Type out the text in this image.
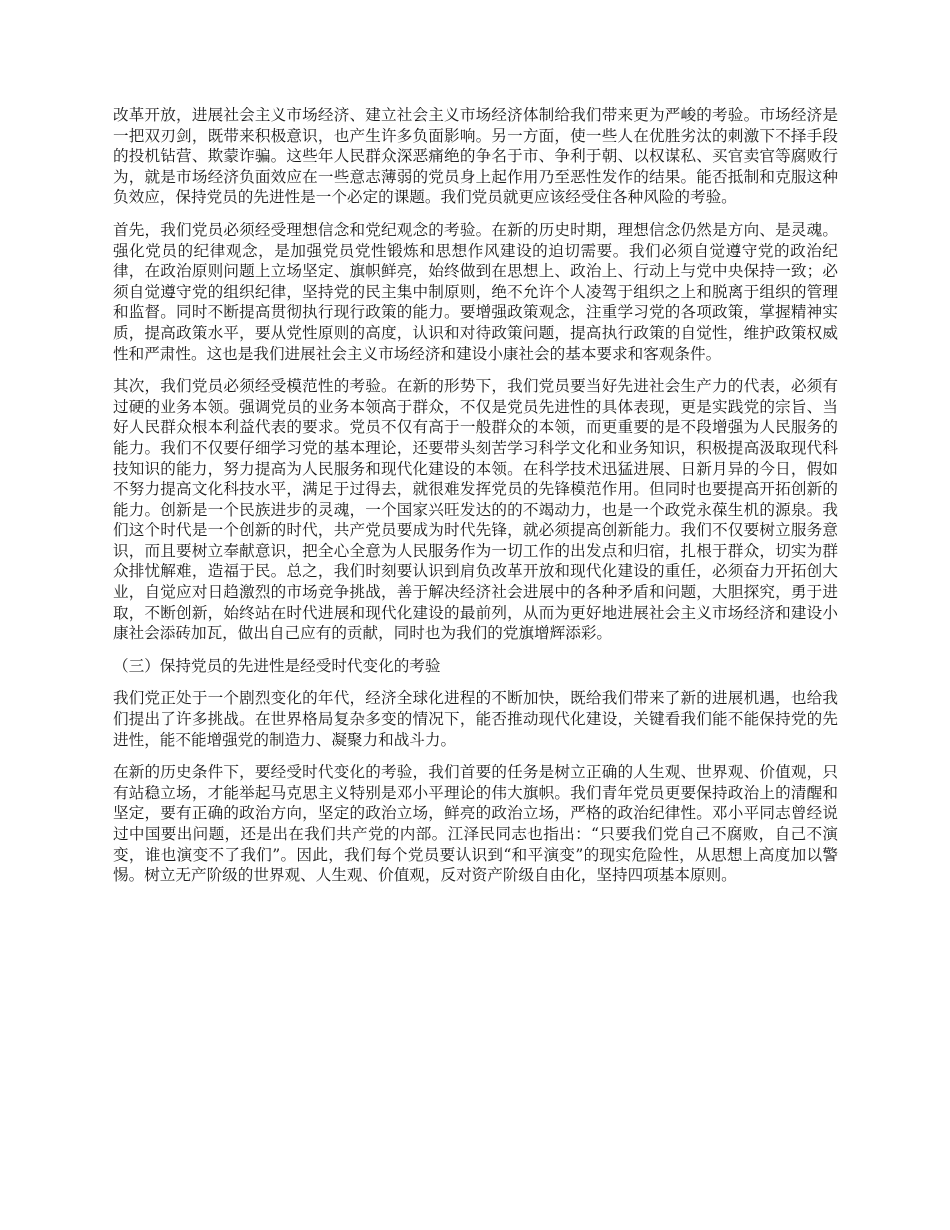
改革开放，进展社会主义市场经济、建立社会主义市场经济体制给我们带来更为严峻的考验。市场经济是一把双刃剑，既带来积极意识，也产生许多负面影响。另一方面，使一些人在优胜劣汰的刺激下不择手段的投机钻营、欺蒙诈骗。这些年人民群众深恶痛绝的争名于市、争利于朝、以权谋私、买官卖官等腐败行为，就是市场经济负面效应在一些意志薄弱的党员身上起作用乃至恶性发作的结果。能否抵制和克服这种负效应，保持党员的先进性是一个必定的课题。我们党员就更应该经受住各种风险的考验。

首先，我们党员必须经受理想信念和党纪观念的考验。在新的历史时期，理想信念仍然是方向、是灵魂。强化党员的纪律观念，是加强党员党性锻炼和思想作风建设的迫切需要。我们必须自觉遵守党的政治纪律，在政治原则问题上立场坚定、旗帜鲜亮，始终做到在思想上、政治上、行动上与党中央保持一致；必须自觉遵守党的组织纪律，坚持党的民主集中制原则，绝不允许个人凌驾于组织之上和脱离于组织的管理和监督。同时不断提高贯彻执行现行政策的能力。要增强政策观念，注重学习党的各项政策，掌握精神实质，提高政策水平，要从党性原则的高度，认识和对待政策问题，提高执行政策的自觉性，维护政策权威性和严肃性。这也是我们进展社会主义市场经济和建设小康社会的基本要求和客观条件。

其次，我们党员必须经受模范性的考验。在新的形势下，我们党员要当好先进社会生产力的代表，必须有过硬的业务本领。强调党员的业务本领高于群众，不仅是党员先进性的具体表现，更是实践党的宗旨、当好人民群众根本利益代表的要求。党员不仅有高于一般群众的本领，而更重要的是不段增强为人民服务的能力。我们不仅要仔细学习党的基本理论，还要带头刻苦学习科学文化和业务知识，积极提高汲取现代科技知识的能力，努力提高为人民服务和现代化建设的本领。在科学技术迅猛进展、日新月异的今日，假如不努力提高文化科技水平，满足于过得去，就很难发挥党员的先锋模范作用。但同时也要提高开拓创新的能力。创新是一个民族进步的灵魂，一个国家兴旺发达的的不竭动力，也是一个政党永葆生机的源泉。我们这个时代是一个创新的时代，共产党员要成为时代先锋，就必须提高创新能力。我们不仅要树立服务意识，而且要树立奉献意识，把全心全意为人民服务作为一切工作的出发点和归宿，扎根于群众，切实为群众排忧解难，造福于民。总之，我们时刻要认识到肩负改革开放和现代化建设的重任，必须奋力开拓创大业，自觉应对日趋激烈的市场竞争挑战，善于解决经济社会进展中的各种矛盾和问题，大胆探究，勇于进取，不断创新，始终站在时代进展和现代化建设的最前列，从而为更好地进展社会主义市场经济和建设小康社会添砖加瓦，做出自己应有的贡献，同时也为我们的党旗增辉添彩。

（三）保持党员的先进性是经受时代变化的考验

我们党正处于一个剧烈变化的年代，经济全球化进程的不断加快，既给我们带来了新的进展机遇，也给我们提出了许多挑战。在世界格局复杂多变的情况下，能否推动现代化建设，关键看我们能不能保持党的先进性，能不能增强党的制造力、凝聚力和战斗力。

在新的历史条件下，要经受时代变化的考验，我们首要的任务是树立正确的人生观、世界观、价值观，只有站稳立场，才能举起马克思主义特别是邓小平理论的伟大旗帜。我们青年党员更要保持政治上的清醒和坚定，要有正确的政治方向，坚定的政治立场，鲜亮的政治立场，严格的政治纪律性。邓小平同志曾经说过中国要出问题，还是出在我们共产党的内部。江泽民同志也指出：“只要我们党自己不腐败，自己不演变，谁也演变不了我们”。因此，我们每个党员要认识到“和平演变”的现实危险性，从思想上高度加以警惕。树立无产阶级的世界观、人生观、价值观，反对资产阶级自由化，坚持四项基本原则。
